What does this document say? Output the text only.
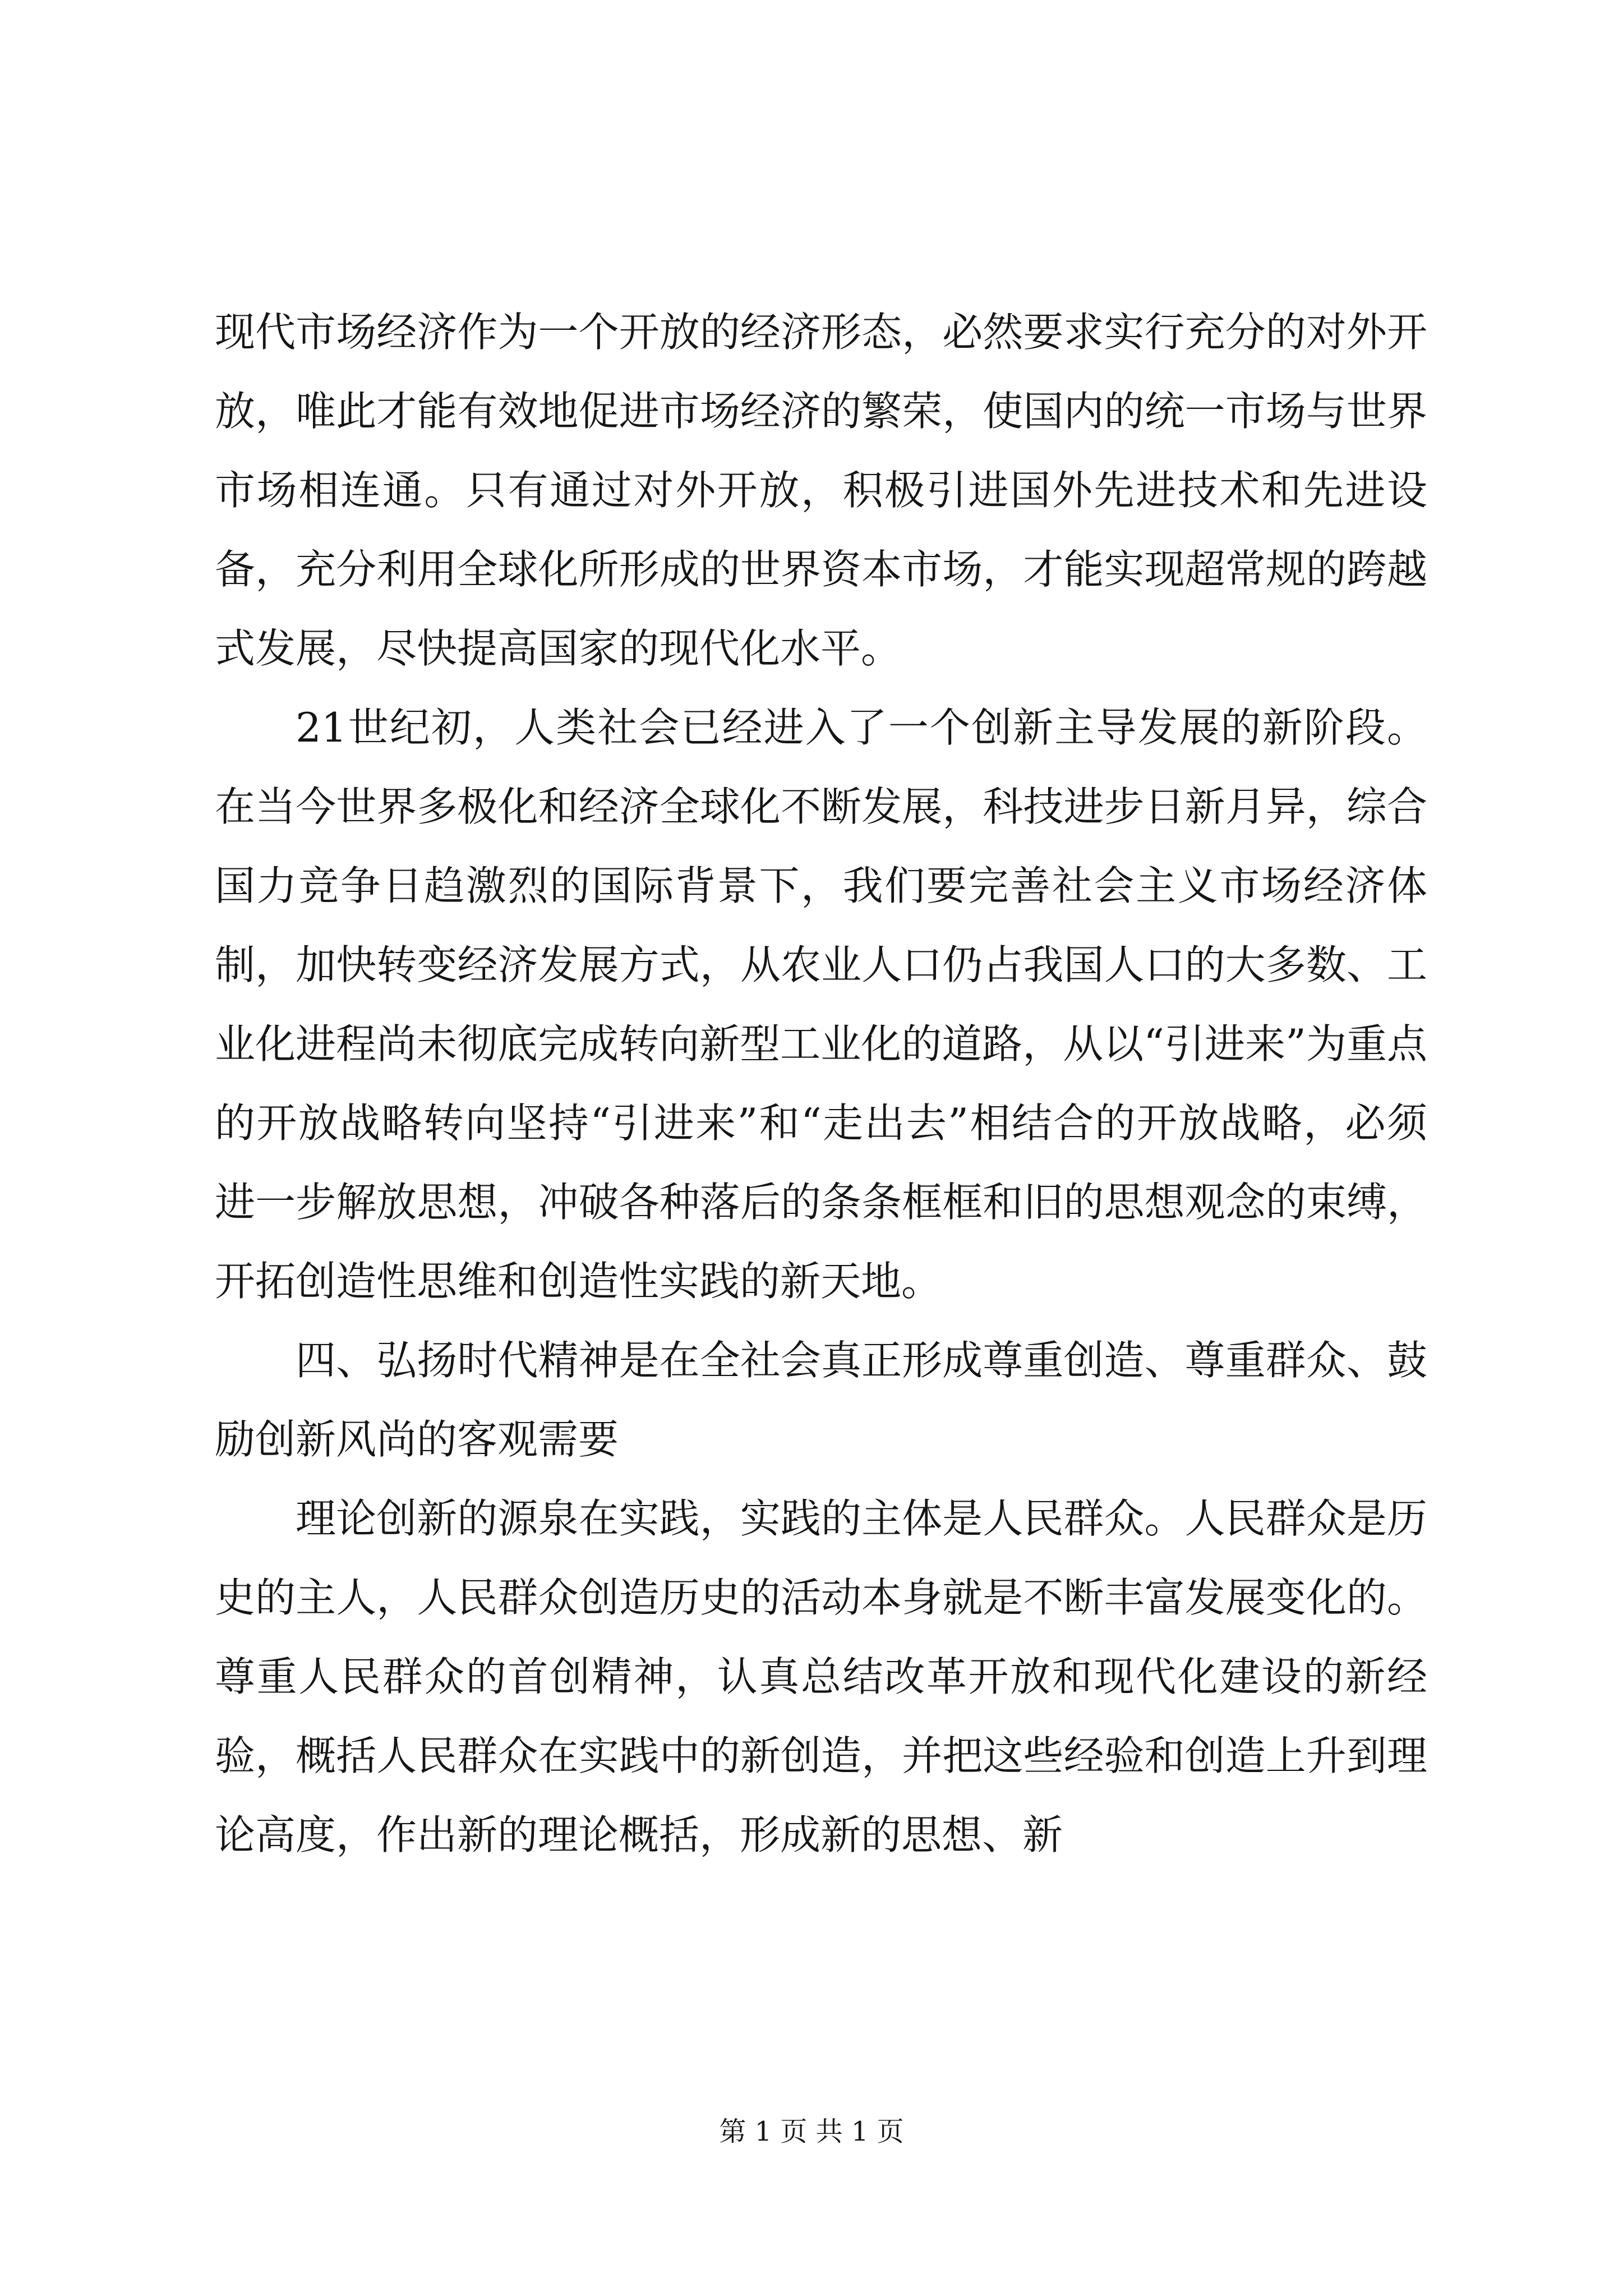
现代市场经济作为一个开放的经济形态，必然要求实行充分的对外开放，唯此才能有效地促进市场经济的繁荣，使国内的统一市场与世界市场相连通。只有通过对外开放，积极引进国外先进技术和先进设备，充分利用全球化所形成的世界资本市场，才能实现超常规的跨越式发展，尽快提高国家的现代化水平。

21世纪初，人类社会已经进入了一个创新主导发展的新阶段。在当今世界多极化和经济全球化不断发展，科技进步日新月异，综合国力竞争日趋激烈的国际背景下，我们要完善社会主义市场经济体制，加快转变经济发展方式，从农业人口仍占我国人口的大多数、工业化进程尚未彻底完成转向新型工业化的道路，从以“引进来”为重点的开放战略转向坚持“引进来”和“走出去”相结合的开放战略，必须进一步解放思想，冲破各种落后的条条框框和旧的思想观念的束缚，开拓创造性思维和创造性实践的新天地。

四、弘扬时代精神是在全社会真正形成尊重创造、尊重群众、鼓励创新风尚的客观需要

理论创新的源泉在实践，实践的主体是人民群众。人民群众是历史的主人，人民群众创造历史的活动本身就是不断丰富发展变化的。尊重人民群众的首创精神，认真总结改革开放和现代化建设的新经验，概括人民群众在实践中的新创造，并把这些经验和创造上升到理论高度，作出新的理论概括，形成新的思想、新

第 1 页 共 1 页
